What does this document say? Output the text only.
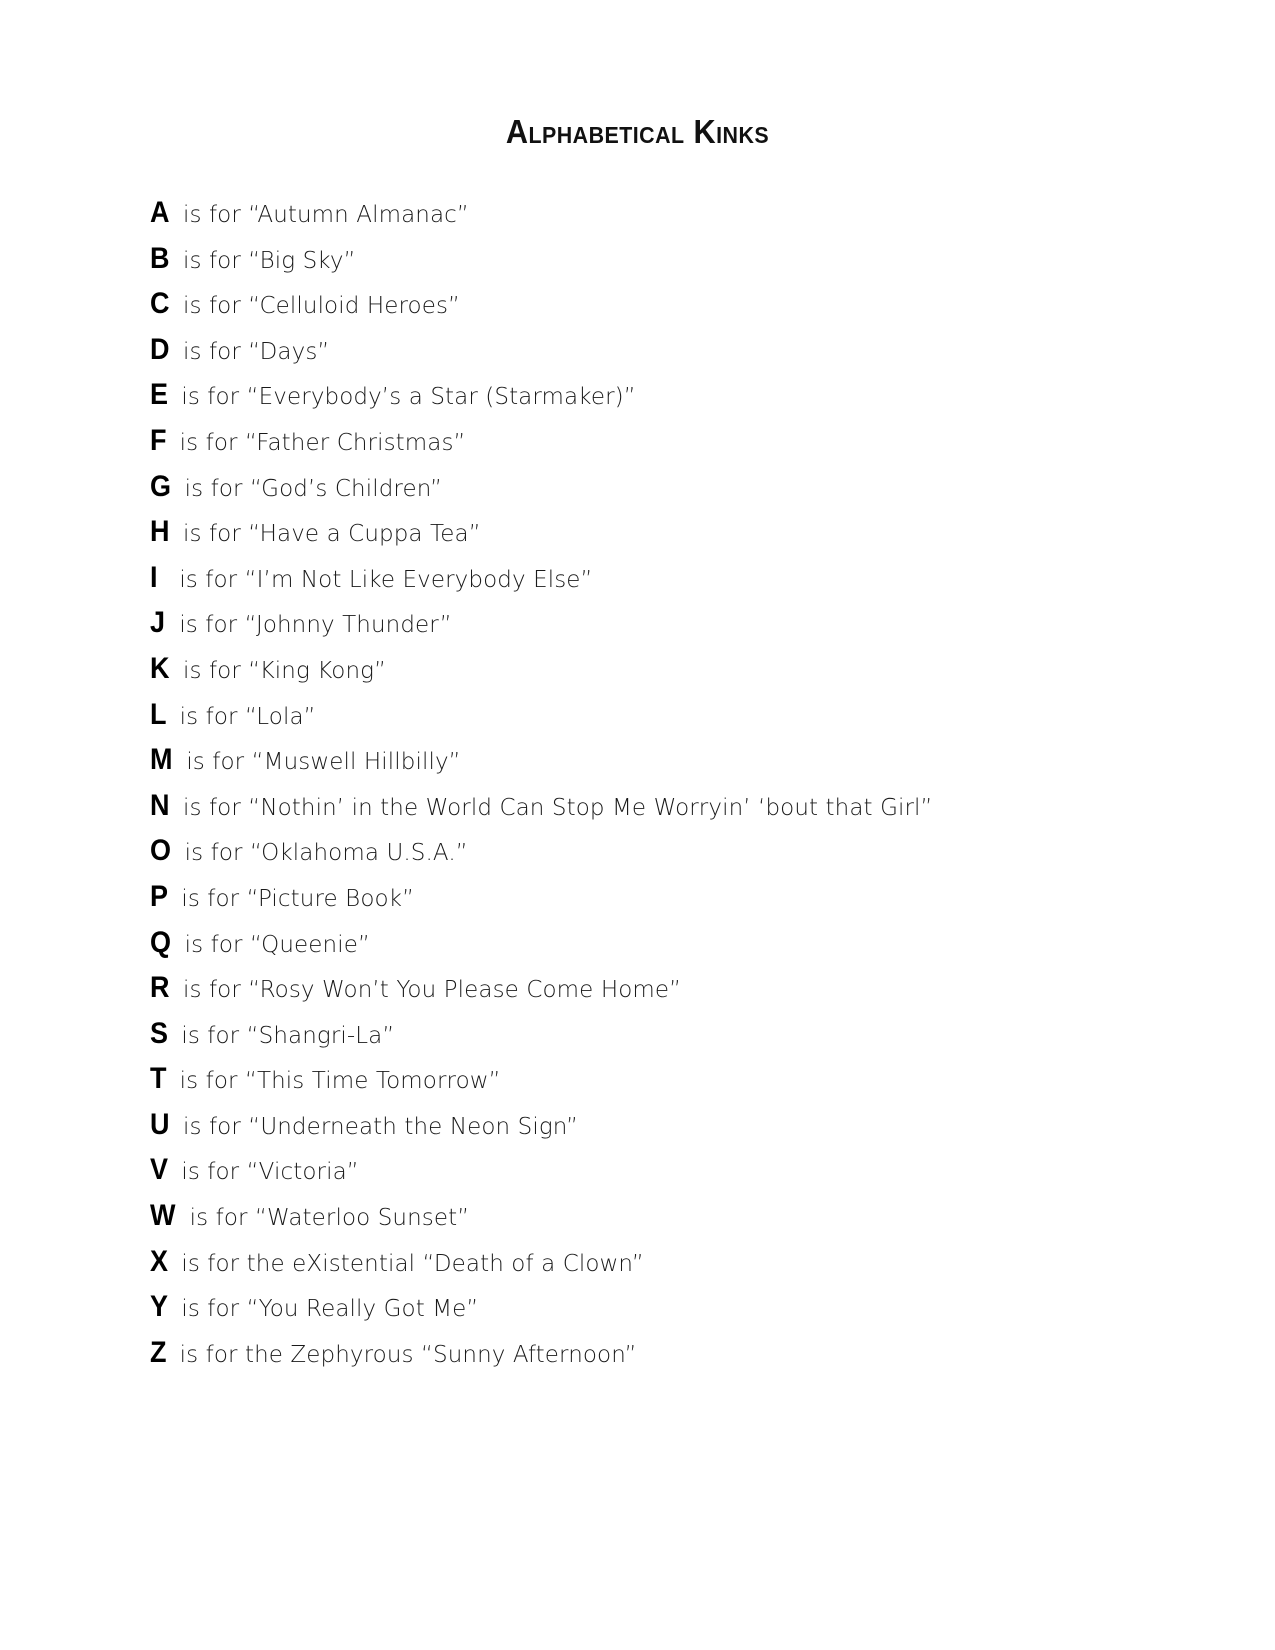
Alphabetical Kinks
A is for “Autumn Almanac”
B is for “Big Sky”
C is for “Celluloid Heroes”
D is for “Days”
E is for “Everybody’s a Star (Starmaker)”
F is for “Father Christmas”
G is for “God’s Children”
H is for “Have a Cuppa Tea”
I is for “I’m Not Like Everybody Else”
J is for “Johnny Thunder”
K is for “King Kong”
L is for “Lola”
M is for “Muswell Hillbilly”
N is for “Nothin’ in the World Can Stop Me Worryin’ ‘bout that Girl”
O is for “Oklahoma U.S.A.”
P is for “Picture Book”
Q is for “Queenie”
R is for “Rosy Won’t You Please Come Home”
S is for “Shangri-La”
T is for “This Time Tomorrow”
U is for “Underneath the Neon Sign”
V is for “Victoria”
W is for “Waterloo Sunset”
X is for the eXistential “Death of a Clown”
Y is for “You Really Got Me”
Z is for the Zephyrous “Sunny Afternoon”
